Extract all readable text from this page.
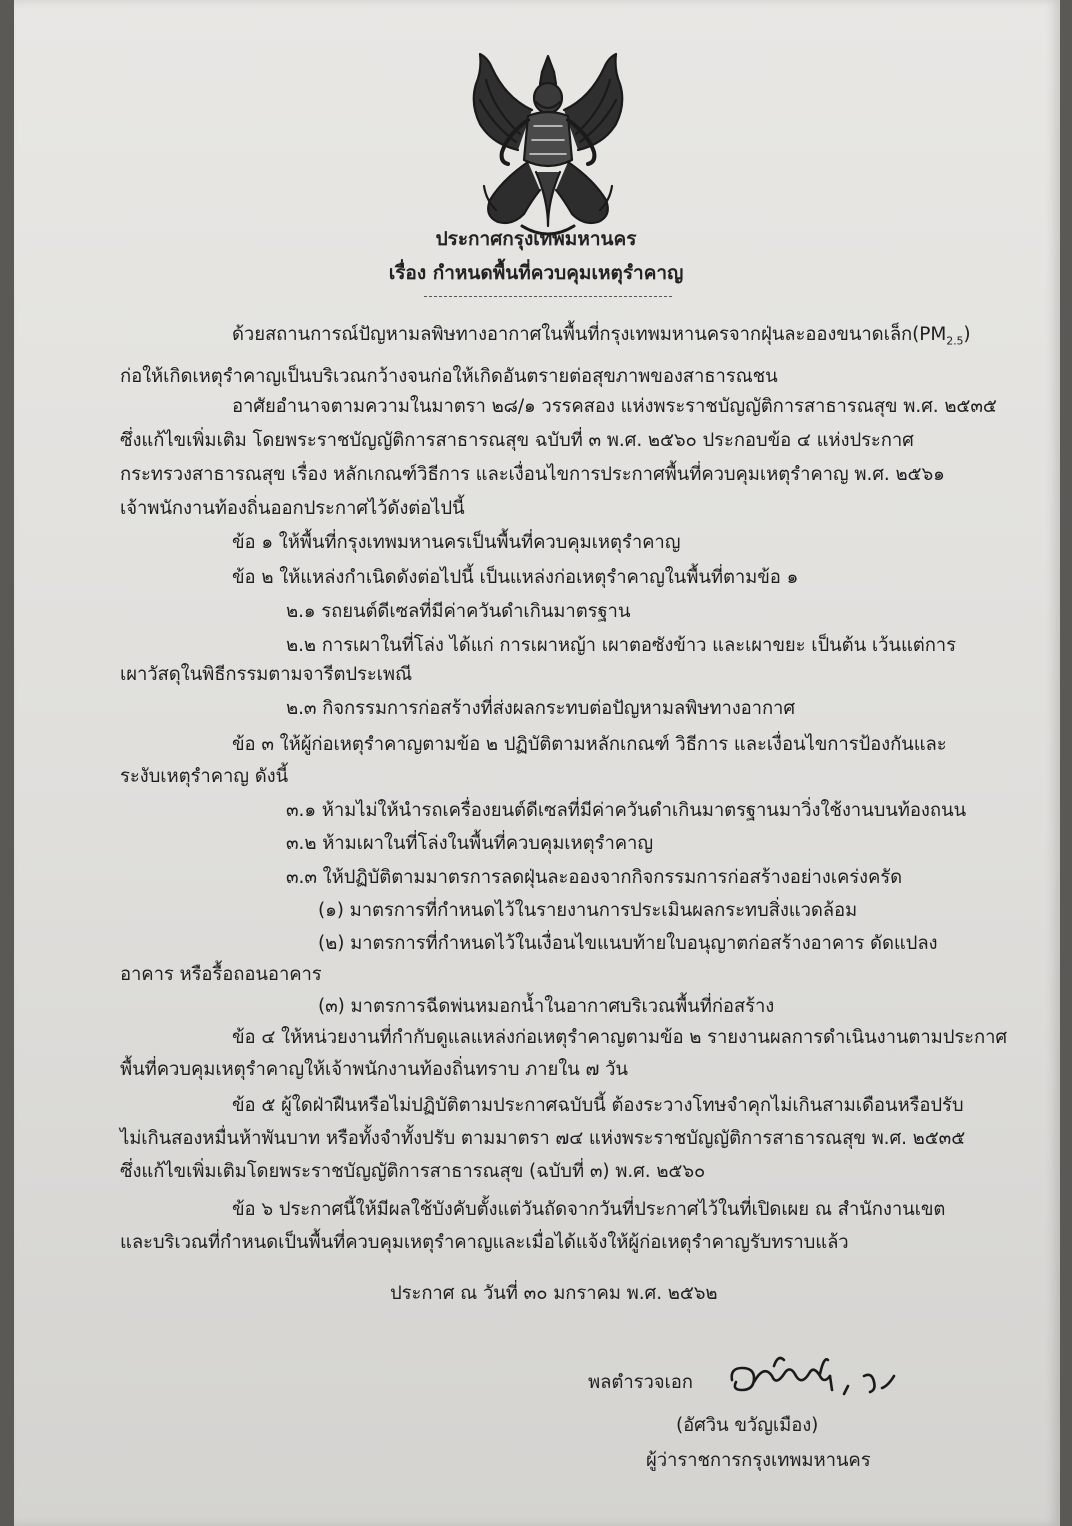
ประกาศกรุงเทพมหานคร
เรื่อง กำหนดพื้นที่ควบคุมเหตุรำคาญ
ด้วยสถานการณ์ปัญหามลพิษทางอากาศในพื้นที่กรุงเทพมหานครจากฝุ่นละอองขนาดเล็ก$(PM_{2.5})$
ก่อให้เกิดเหตุรำคาญเป็นบริเวณกว้างจนก่อให้เกิดอันตรายต่อสุขภาพของสาธารณชน
อาศัยอำนาจตามความในมาตรา ๒๘/๑ วรรคสอง แห่งพระราชบัญญัติการสาธารณสุข พ.ศ. ๒๕๓๕
ซึ่งแก้ไขเพิ่มเติม โดยพระราชบัญญัติการสาธารณสุข ฉบับที่ ๓ พ.ศ. ๒๕๖๐ ประกอบข้อ ๔ แห่งประกาศ
กระทรวงสาธารณสุข เรื่อง หลักเกณฑ์วิธีการ และเงื่อนไขการประกาศพื้นที่ควบคุมเหตุรำคาญ พ.ศ. ๒๕๖๑
เจ้าพนักงานท้องถิ่นออกประกาศไว้ดังต่อไปนี้
ข้อ ๑ ให้พื้นที่กรุงเทพมหานครเป็นพื้นที่ควบคุมเหตุรำคาญ
ข้อ ๒ ให้แหล่งกำเนิดดังต่อไปนี้ เป็นแหล่งก่อเหตุรำคาญในพื้นที่ตามข้อ ๑
๒.๑ รถยนต์ดีเซลที่มีค่าควันดำเกินมาตรฐาน
๒.๒ การเผาในที่โล่ง ได้แก่ การเผาหญ้า เผาตอซังข้าว และเผาขยะ เป็นต้น เว้นแต่การ
เผาวัสดุในพิธีกรรมตามจารีตประเพณี
๒.๓ กิจกรรมการก่อสร้างที่ส่งผลกระทบต่อปัญหามลพิษทางอากาศ
ข้อ ๓ ให้ผู้ก่อเหตุรำคาญตามข้อ ๒ ปฏิบัติตามหลักเกณฑ์ วิธีการ และเงื่อนไขการป้องกันและ
ระงับเหตุรำคาญ ดังนี้
๓.๑ ห้ามไม่ให้นำรถเครื่องยนต์ดีเซลที่มีค่าควันดำเกินมาตรฐานมาวิ่งใช้งานบนท้องถนน
๓.๒ ห้ามเผาในที่โล่งในพื้นที่ควบคุมเหตุรำคาญ
๓.๓ ให้ปฏิบัติตามมาตรการลดฝุ่นละอองจากกิจกรรมการก่อสร้างอย่างเคร่งครัด
(๑) มาตรการที่กำหนดไว้ในรายงานการประเมินผลกระทบสิ่งแวดล้อม
(๒) มาตรการที่กำหนดไว้ในเงื่อนไขแนบท้ายใบอนุญาตก่อสร้างอาคาร ดัดแปลง
อาคาร หรือรื้อถอนอาคาร
(๓) มาตรการฉีดพ่นหมอกน้ำในอากาศบริเวณพื้นที่ก่อสร้าง
ข้อ ๔ ให้หน่วยงานที่กำกับดูแลแหล่งก่อเหตุรำคาญตามข้อ ๒ รายงานผลการดำเนินงานตามประกาศ
พื้นที่ควบคุมเหตุรำคาญให้เจ้าพนักงานท้องถิ่นทราบ ภายใน ๗ วัน
ข้อ ๕ ผู้ใดฝ่าฝืนหรือไม่ปฏิบัติตามประกาศฉบับนี้ ต้องระวางโทษจำคุกไม่เกินสามเดือนหรือปรับ
ไม่เกินสองหมื่นห้าพันบาท หรือทั้งจำทั้งปรับ ตามมาตรา ๗๔ แห่งพระราชบัญญัติการสาธารณสุข พ.ศ. ๒๕๓๕
ซึ่งแก้ไขเพิ่มเติมโดยพระราชบัญญัติการสาธารณสุข (ฉบับที่ ๓) พ.ศ. ๒๕๖๐
ข้อ ๖ ประกาศนี้ให้มีผลใช้บังคับตั้งแต่วันถัดจากวันที่ประกาศไว้ในที่เปิดเผย ณ สำนักงานเขต
และบริเวณที่กำหนดเป็นพื้นที่ควบคุมเหตุรำคาญและเมื่อได้แจ้งให้ผู้ก่อเหตุรำคาญรับทราบแล้ว
ประกาศ ณ วันที่ ๓๐ มกราคม พ.ศ. ๒๕๖๒
พลตำรวจเอก
(อัศวิน ขวัญเมือง)
ผู้ว่าราชการกรุงเทพมหานคร
